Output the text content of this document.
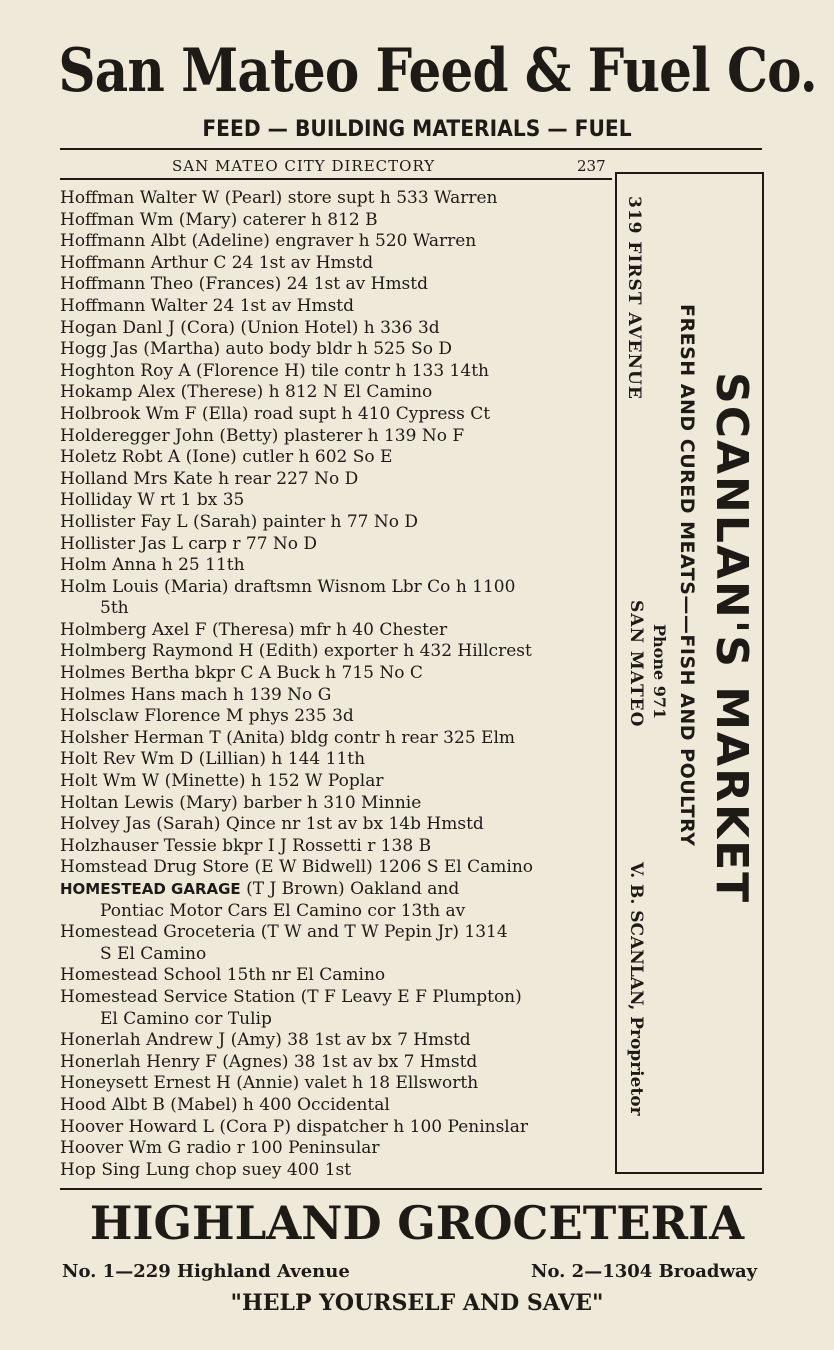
San Mateo Feed & Fuel Co.
FEED — BUILDING MATERIALS — FUEL
SAN MATEO CITY DIRECTORY	237
Hoffman Walter W (Pearl) store supt h 533 Warren
Hoffman Wm (Mary) caterer h 812 B
Hoffmann Albt (Adeline) engraver h 520 Warren
Hoffmann Arthur C 24 1st av Hmstd
Hoffmann Theo (Frances) 24 1st av Hmstd
Hoffmann Walter 24 1st av Hmstd
Hogan Danl J (Cora) (Union Hotel) h 336 3d
Hogg Jas (Martha) auto body bldr h 525 So D
Hoghton Roy A (Florence H) tile contr h 133 14th
Hokamp Alex (Therese) h 812 N El Camino
Holbrook Wm F (Ella) road supt h 410 Cypress Ct
Holderegger John (Betty) plasterer h 139 No F
Holetz Robt A (Ione) cutler h 602 So E
Holland Mrs Kate h rear 227 No D
Holliday W rt 1 bx 35
Hollister Fay L (Sarah) painter h 77 No D
Hollister Jas L carp r 77 No D
Holm Anna h 25 11th
Holm Louis (Maria) draftsmn Wisnom Lbr Co h 1100
5th
Holmberg Axel F (Theresa) mfr h 40 Chester
Holmberg Raymond H (Edith) exporter h 432 Hillcrest
Holmes Bertha bkpr C A Buck h 715 No C
Holmes Hans mach h 139 No G
Holsclaw Florence M phys 235 3d
Holsher Herman T (Anita) bldg contr h rear 325 Elm
Holt Rev Wm D (Lillian) h 144 11th
Holt Wm W (Minette) h 152 W Poplar
Holtan Lewis (Mary) barber h 310 Minnie
Holvey Jas (Sarah) Qince nr 1st av bx 14b Hmstd
Holzhauser Tessie bkpr I J Rossetti r 138 B
Homstead Drug Store (E W Bidwell) 1206 S El Camino
HOMESTEAD GARAGE (T J Brown) Oakland and
Pontiac Motor Cars El Camino cor 13th av
Homestead Groceteria (T W and T W Pepin Jr) 1314
S El Camino
Homestead School 15th nr El Camino
Homestead Service Station (T F Leavy E F Plumpton)
El Camino cor Tulip
Honerlah Andrew J (Amy) 38 1st av bx 7 Hmstd
Honerlah Henry F (Agnes) 38 1st av bx 7 Hmstd
Honeysett Ernest H (Annie) valet h 18 Ellsworth
Hood Albt B (Mabel) h 400 Occidental
Hoover Howard L (Cora P) dispatcher h 100 Peninslar
Hoover Wm G radio r 100 Peninsular
Hop Sing Lung chop suey 400 1st
319 FIRST AVENUE
FRESH AND CURED MEATS——FISH AND POULTRY SCANLAN'S MARKET
Phone 971
SAN MATEO
V. B. SCANLAN, Proprietor
HIGHLAND GROCETERIA
No. 1—229 Highland Avenue	No. 2—1304 Broadway
"HELP YOURSELF AND SAVE"
